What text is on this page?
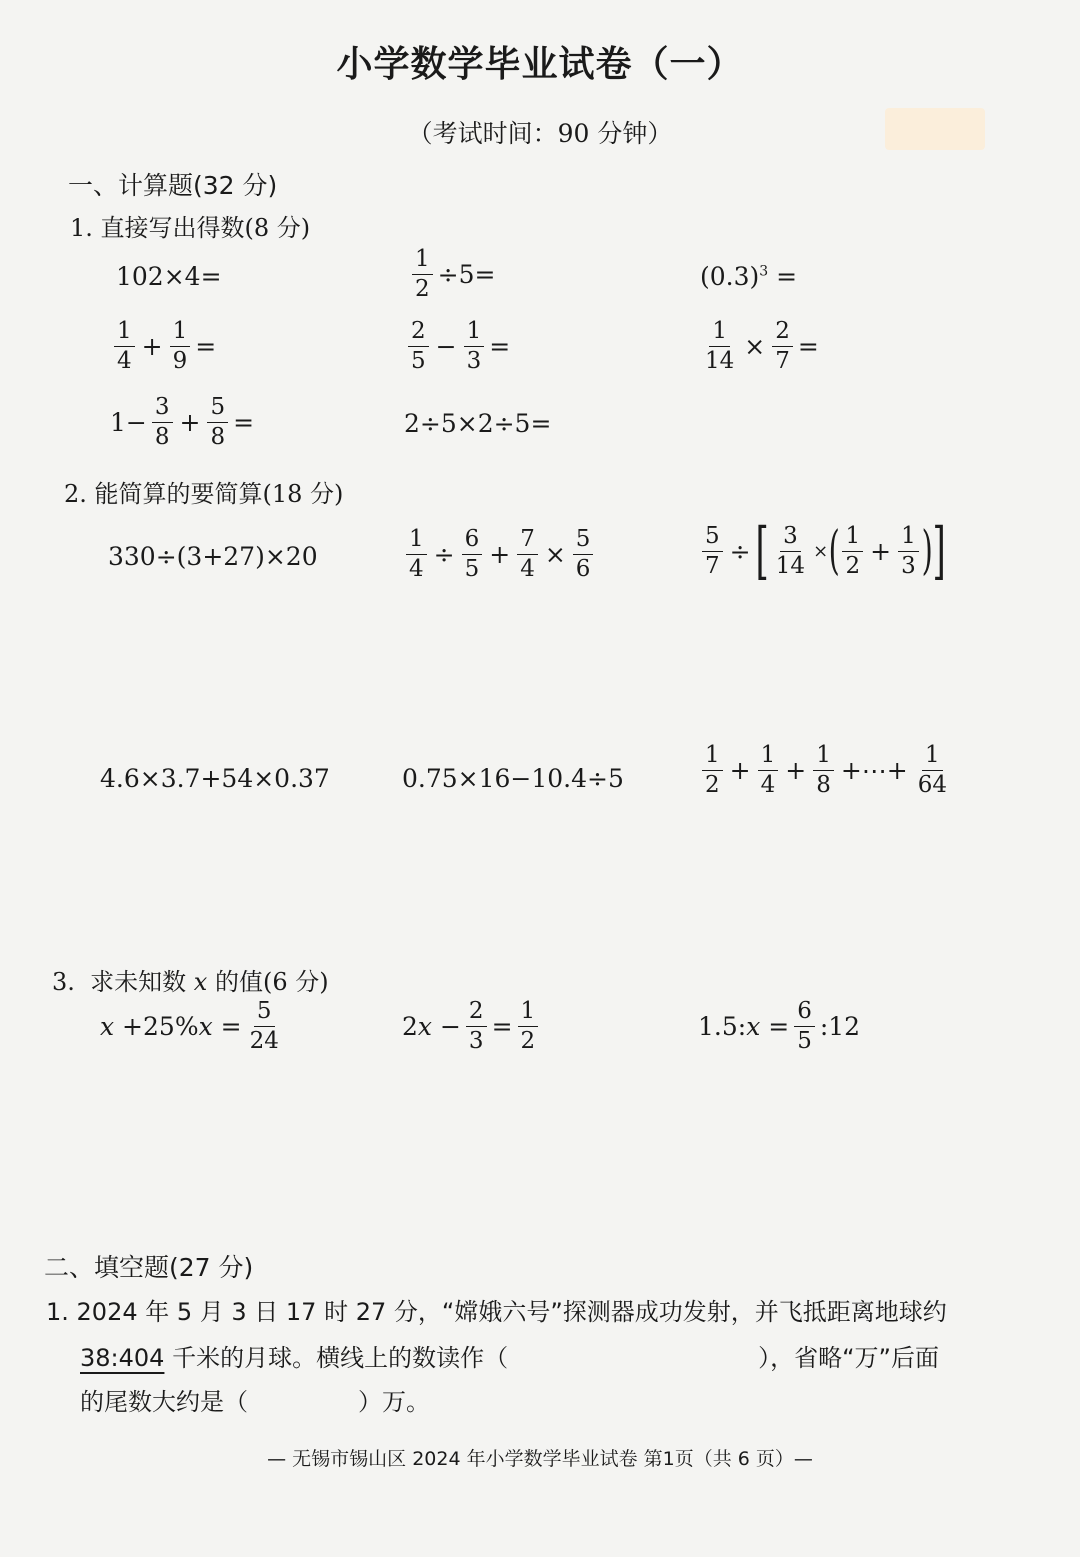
小学数学毕业试卷（一）
（考试时间：90 分钟）
一、计算题(32 分)
1. 直接写出得数(8 分)
102×4=	$\frac{1}{2} \div 5=$	$(0.3)^3$ =
$\frac{1}{4} + \frac{1}{9}$ =	$\frac{2}{5} - \frac{1}{3}$ =	$\frac{1}{14} \times \frac{2}{7}$ =
$1- \frac{3}{8} + \frac{5}{8}$ =	2÷5×2÷5=
2. 能简算的要简算(18 分)
330÷(3+27)×20	$\frac{1}{4} \div \frac{6}{5} + \frac{7}{4} \times \frac{5}{6}$	$\frac{5}{7}$ ÷ [ $\frac{3}{14}$ × ( $\frac{1}{2} + \frac{1}{3}$ ) ]
4.6×3.7+54×0.37	0.75×16−10.4÷5	$\frac{1}{2} + \frac{1}{4} + \frac{1}{8}$ +⋯+ $\frac{1}{64}$
3.  求未知数 x 的值(6 分)
$x +25\%x = \frac{5}{24}$	$2x - \frac{2}{3} = \frac{1}{2}$	1.5:x = $\frac{6}{5}$ :12
二、填空题(27 分)
1. 2024 年 5 月 3 日 17 时 27 分，“嫦娥六号”探测器成功发射，并飞抵距离地球约
38:404 千米的月球。横线上的数读作（	），省略“万”后面
的尾数大约是（	）万。
— 无锡市锡山区 2024 年小学数学毕业试卷 第1页（共 6 页）—
